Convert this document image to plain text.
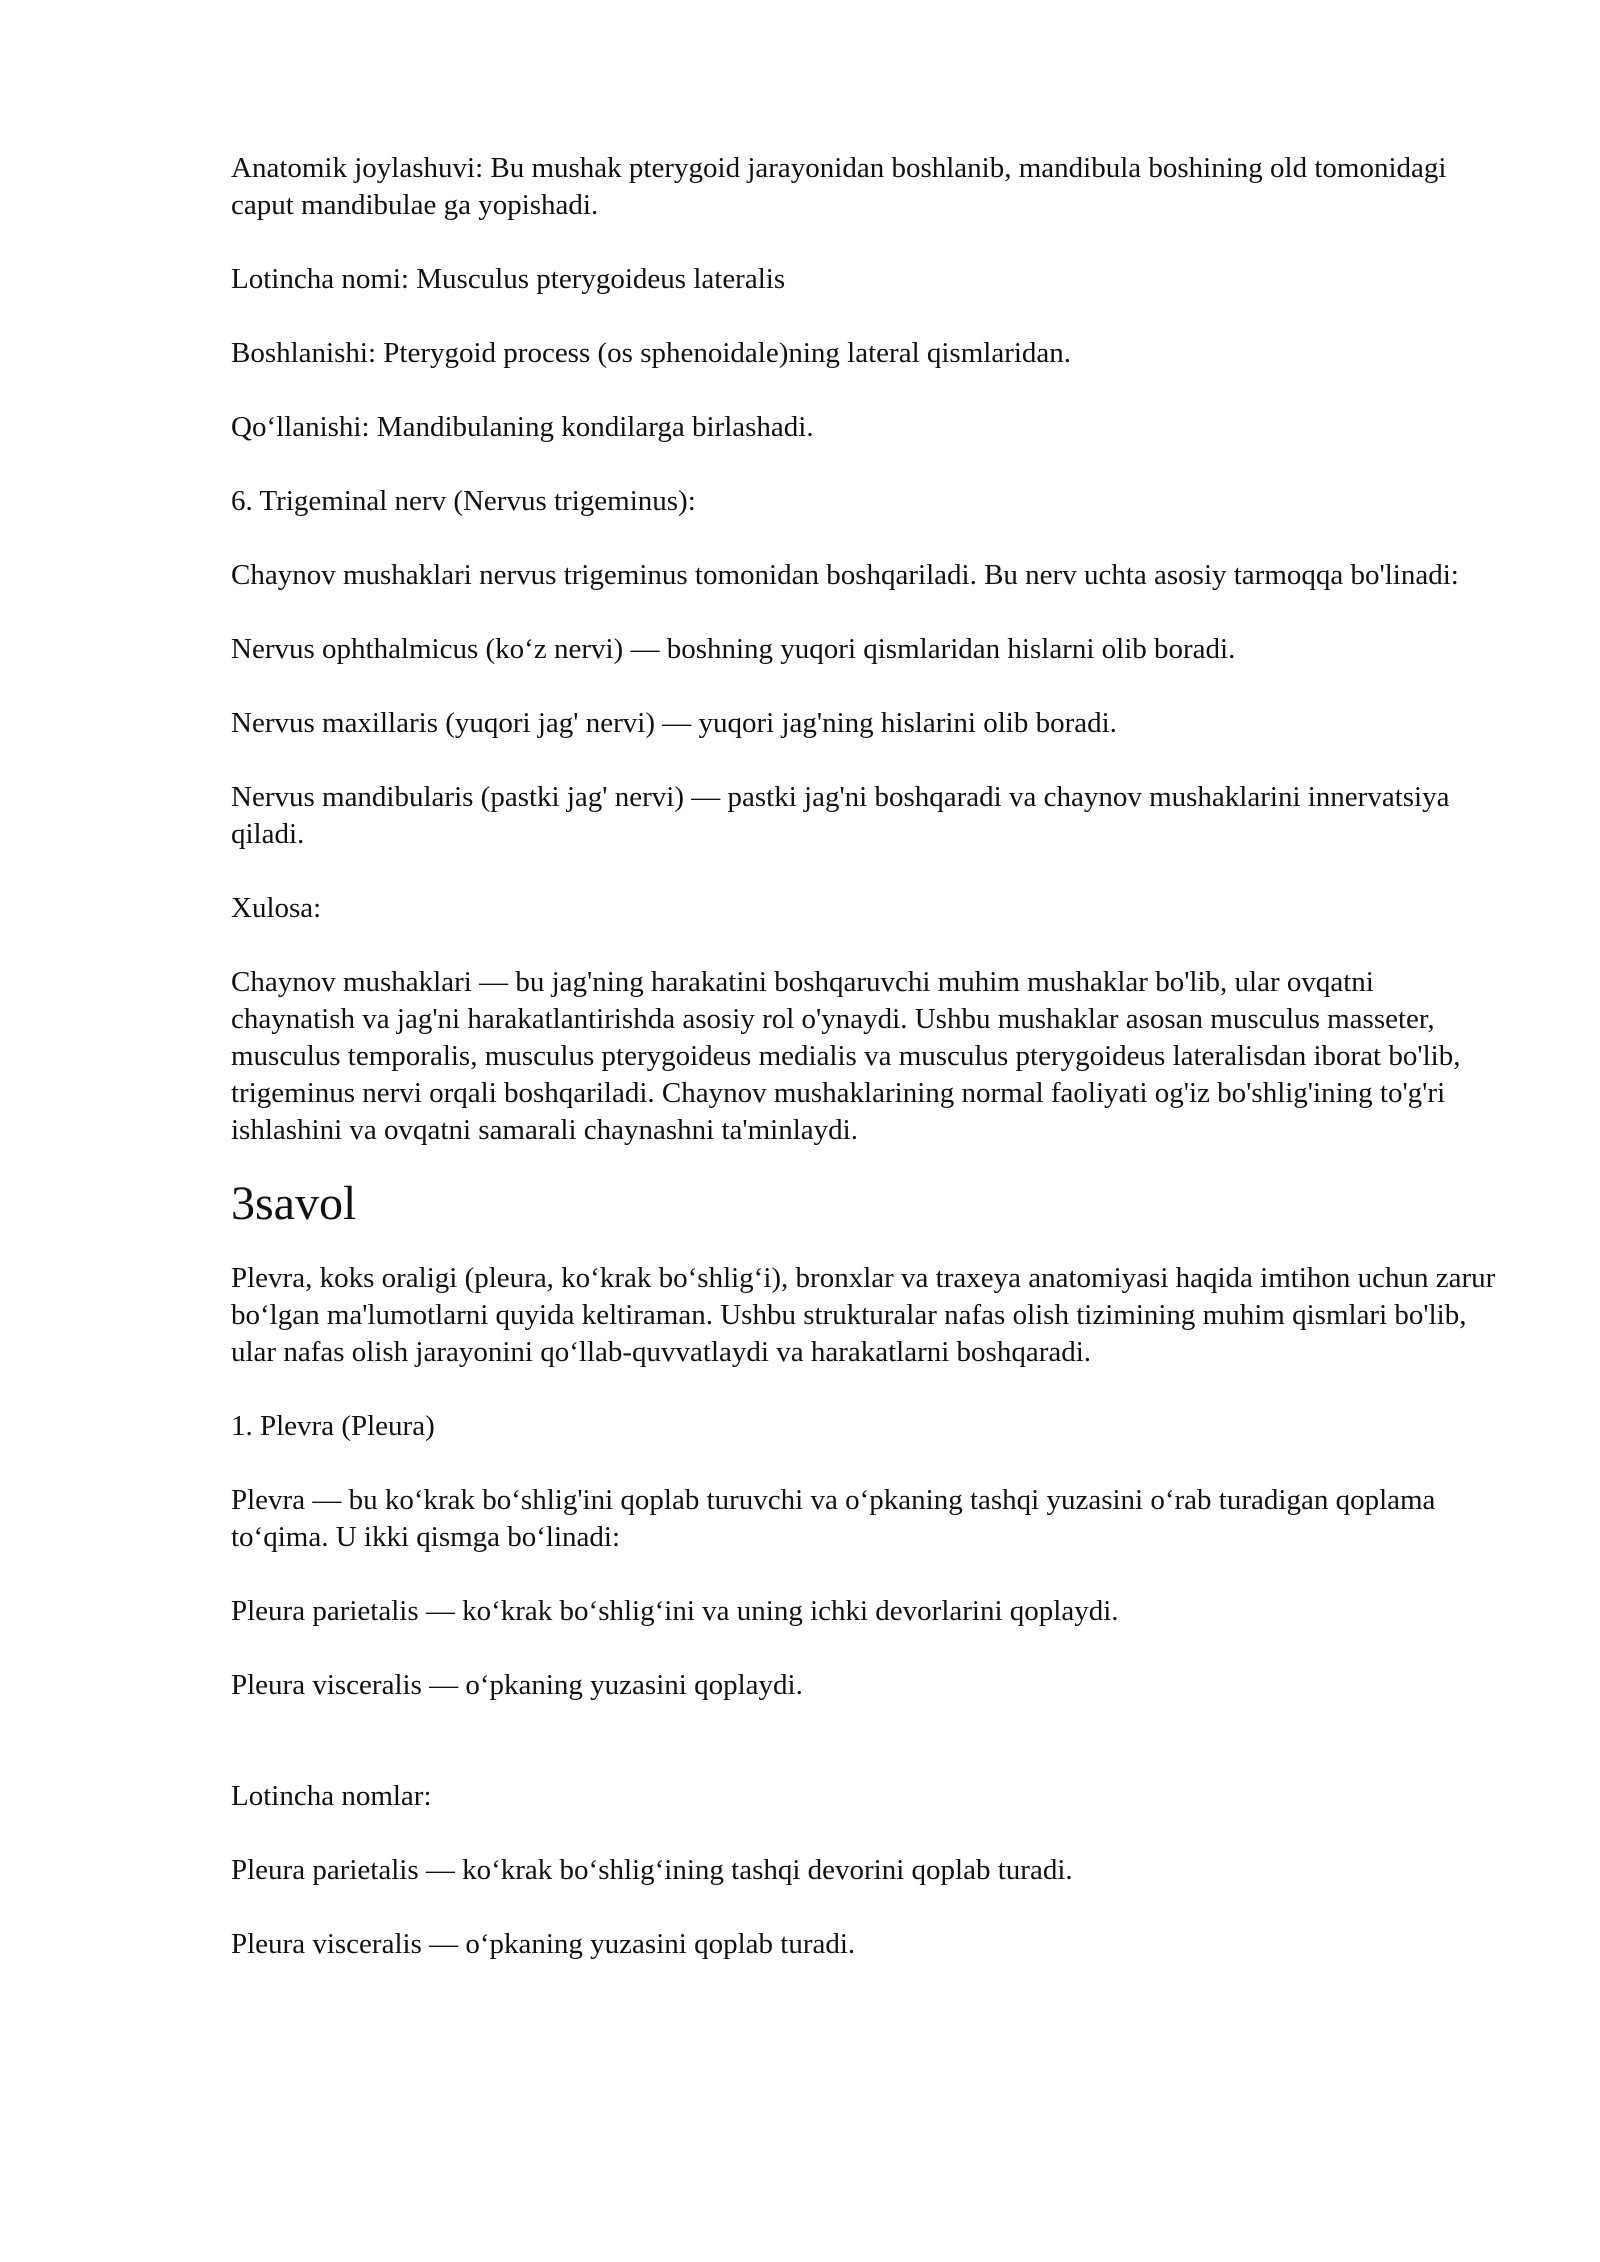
Anatomik joylashuvi: Bu mushak pterygoid jarayonidan boshlanib, mandibula boshining old tomonidagi caput mandibulae ga yopishadi.

Lotincha nomi: Musculus pterygoideus lateralis

Boshlanishi: Pterygoid process (os sphenoidale)ning lateral qismlaridan.

Qo‘llanishi: Mandibulaning kondilarga birlashadi.

6. Trigeminal nerv (Nervus trigeminus):

Chaynov mushaklari nervus trigeminus tomonidan boshqariladi. Bu nerv uchta asosiy tarmoqqa bo'linadi:

Nervus ophthalmicus (ko‘z nervi) — boshning yuqori qismlaridan hislarni olib boradi.

Nervus maxillaris (yuqori jag' nervi) — yuqori jag'ning hislarini olib boradi.

Nervus mandibularis (pastki jag' nervi) — pastki jag'ni boshqaradi va chaynov mushaklarini innervatsiya qiladi.

Xulosa:

Chaynov mushaklari — bu jag'ning harakatini boshqaruvchi muhim mushaklar bo'lib, ular ovqatni chaynatish va jag'ni harakatlantirishda asosiy rol o'ynaydi. Ushbu mushaklar asosan musculus masseter, musculus temporalis, musculus pterygoideus medialis va musculus pterygoideus lateralisdan iborat bo'lib, trigeminus nervi orqali boshqariladi. Chaynov mushaklarining normal faoliyati og'iz bo'shlig'ining to'g'ri ishlashini va ovqatni samarali chaynashni ta'minlaydi.

3savol

Plevra, koks oraligi (pleura, ko‘krak bo‘shlig‘i), bronxlar va traxeya anatomiyasi haqida imtihon uchun zarur bo‘lgan ma'lumotlarni quyida keltiraman. Ushbu strukturalar nafas olish tizimining muhim qismlari bo'lib, ular nafas olish jarayonini qo‘llab-quvvatlaydi va harakatlarni boshqaradi.

1. Plevra (Pleura)

Plevra — bu ko‘krak bo‘shlig'ini qoplab turuvchi va o‘pkaning tashqi yuzasini o‘rab turadigan qoplama to‘qima. U ikki qismga bo‘linadi:

Pleura parietalis — ko‘krak bo‘shlig‘ini va uning ichki devorlarini qoplaydi.

Pleura visceralis — o‘pkaning yuzasini qoplaydi.

Lotincha nomlar:

Pleura parietalis — ko‘krak bo‘shlig‘ining tashqi devorini qoplab turadi.

Pleura visceralis — o‘pkaning yuzasini qoplab turadi.
